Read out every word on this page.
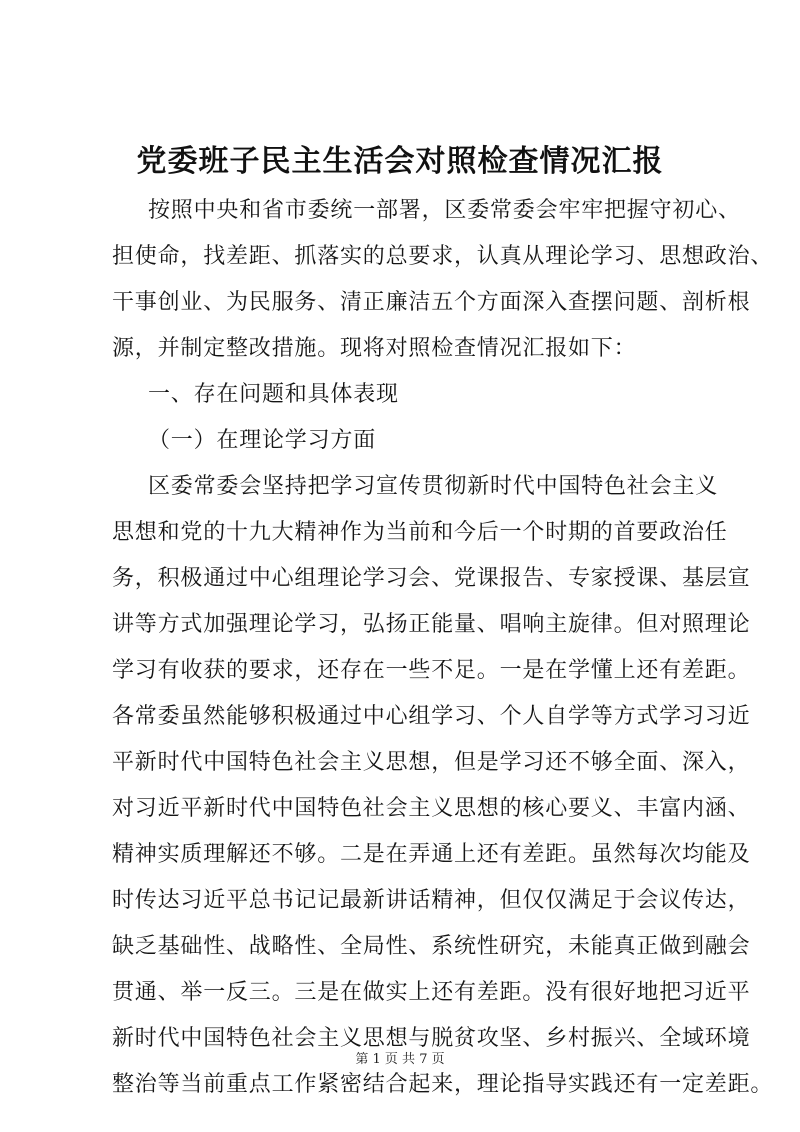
党委班子民主生活会对照检查情况汇报
按照中央和省市委统一部署，区委常委会牢牢把握守初心、
担使命，找差距、抓落实的总要求，认真从理论学习、思想政治、
干事创业、为民服务、清正廉洁五个方面深入查摆问题、剖析根
源，并制定整改措施。现将对照检查情况汇报如下：
一、存在问题和具体表现
（一）在理论学习方面
区委常委会坚持把学习宣传贯彻新时代中国特色社会主义
思想和党的十九大精神作为当前和今后一个时期的首要政治任
务，积极通过中心组理论学习会、党课报告、专家授课、基层宣
讲等方式加强理论学习，弘扬正能量、唱响主旋律。但对照理论
学习有收获的要求，还存在一些不足。一是在学懂上还有差距。
各常委虽然能够积极通过中心组学习、个人自学等方式学习习近
平新时代中国特色社会主义思想，但是学习还不够全面、深入，
对习近平新时代中国特色社会主义思想的核心要义、丰富内涵、
精神实质理解还不够。二是在弄通上还有差距。虽然每次均能及
时传达习近平总书记记最新讲话精神，但仅仅满足于会议传达，
缺乏基础性、战略性、全局性、系统性研究，未能真正做到融会
贯通、举一反三。三是在做实上还有差距。没有很好地把习近平
新时代中国特色社会主义思想与脱贫攻坚、乡村振兴、全域环境
整治等当前重点工作紧密结合起来，理论指导实践还有一定差距。
第 1 页 共 7 页
